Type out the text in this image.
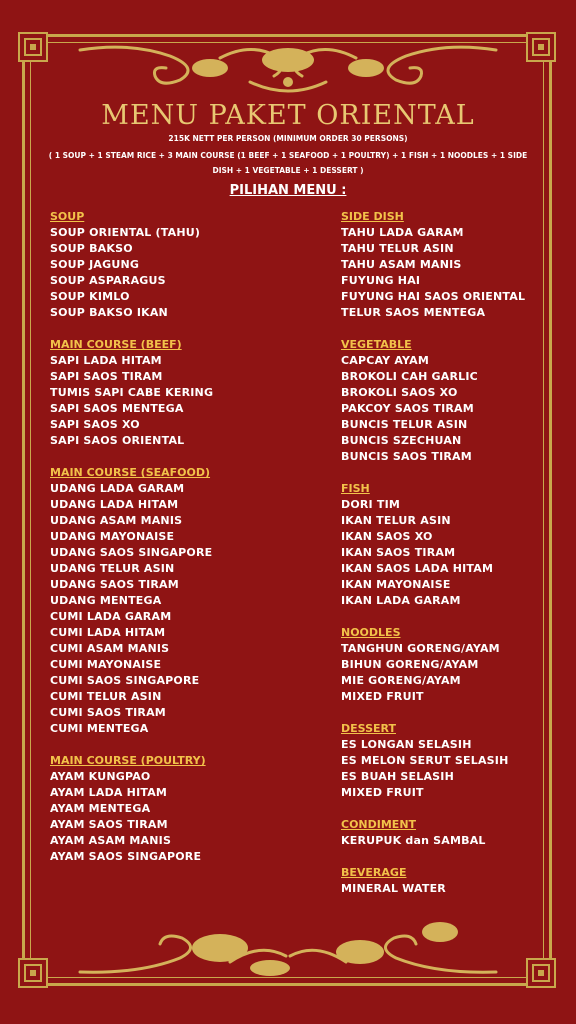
MENU PAKET ORIENTAL
215K NETT PER PERSON (MINIMUM ORDER 30 PERSONS)
( 1 SOUP + 1 STEAM RICE + 3 MAIN COURSE (1 BEEF + 1 SEAFOOD + 1 POULTRY) + 1 FISH + 1 NOODLES + 1 SIDE DISH + 1 VEGETABLE + 1 DESSERT )
PILIHAN MENU :
SOUP
SOUP ORIENTAL (TAHU)
SOUP BAKSO
SOUP JAGUNG
SOUP ASPARAGUS
SOUP KIMLO
SOUP BAKSO IKAN
MAIN COURSE (BEEF)
SAPI LADA HITAM
SAPI SAOS TIRAM
TUMIS SAPI CABE KERING
SAPI SAOS MENTEGA
SAPI SAOS XO
SAPI SAOS ORIENTAL
MAIN COURSE (SEAFOOD)
UDANG LADA GARAM
UDANG LADA HITAM
UDANG ASAM MANIS
UDANG MAYONAISE
UDANG SAOS SINGAPORE
UDANG TELUR ASIN
UDANG SAOS TIRAM
UDANG MENTEGA
CUMI LADA GARAM
CUMI LADA HITAM
CUMI ASAM MANIS
CUMI MAYONAISE
CUMI SAOS SINGAPORE
CUMI TELUR ASIN
CUMI SAOS TIRAM
CUMI MENTEGA
MAIN COURSE (POULTRY)
AYAM KUNGPAO
AYAM LADA HITAM
AYAM MENTEGA
AYAM SAOS TIRAM
AYAM ASAM MANIS
AYAM SAOS SINGAPORE
SIDE DISH
TAHU LADA GARAM
TAHU TELUR ASIN
TAHU ASAM MANIS
FUYUNG HAI
FUYUNG HAI SAOS ORIENTAL
TELUR SAOS MENTEGA
VEGETABLE
CAPCAY AYAM
BROKOLI CAH GARLIC
BROKOLI SAOS XO
PAKCOY SAOS TIRAM
BUNCIS TELUR ASIN
BUNCIS SZECHUAN
BUNCIS SAOS TIRAM
FISH
DORI TIM
IKAN TELUR ASIN
IKAN SAOS XO
IKAN SAOS TIRAM
IKAN SAOS LADA HITAM
IKAN MAYONAISE
IKAN LADA GARAM
NOODLES
TANGHUN GORENG/AYAM
BIHUN GORENG/AYAM
MIE GORENG/AYAM
MIXED FRUIT
DESSERT
ES LONGAN SELASIH
ES MELON SERUT SELASIH
ES BUAH SELASIH
MIXED FRUIT
CONDIMENT
KERUPUK dan SAMBAL
BEVERAGE
MINERAL WATER
